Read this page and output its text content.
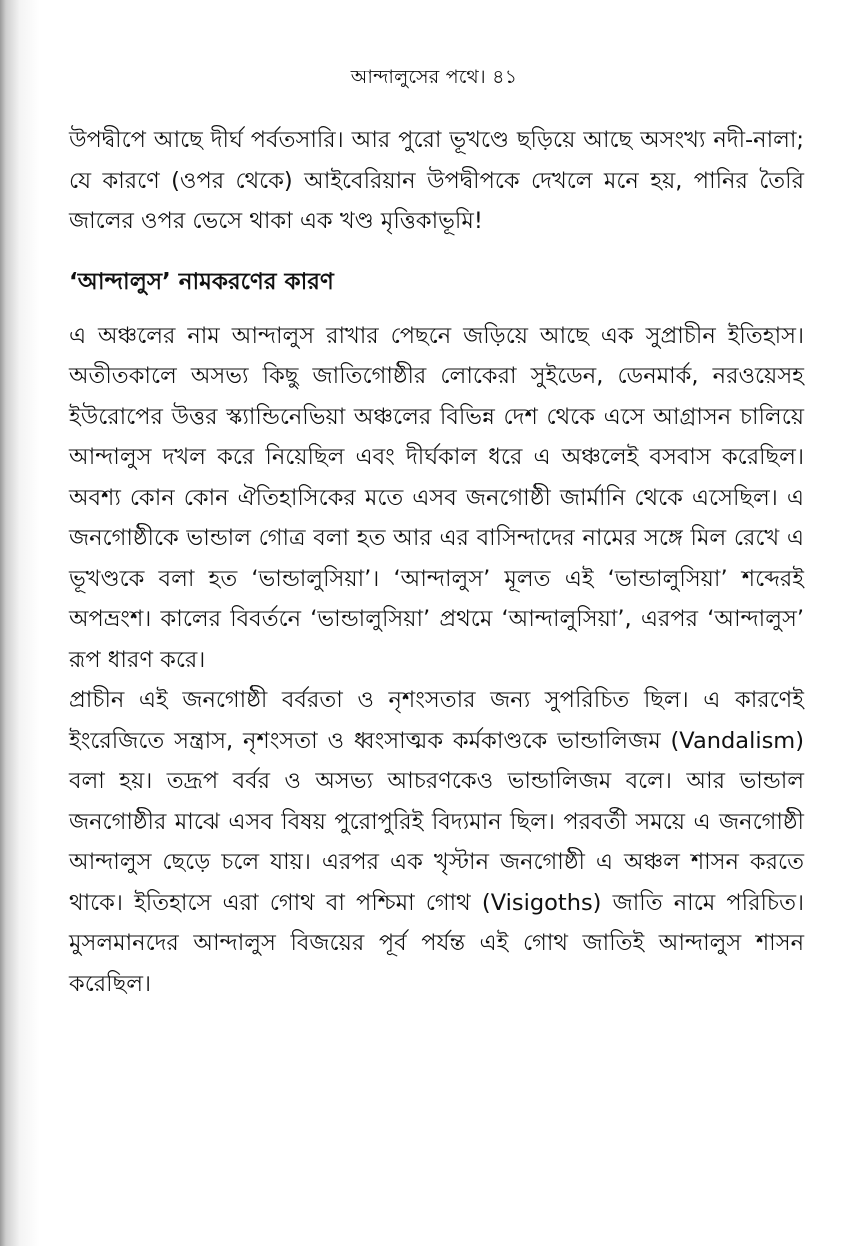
আন্দালুসের পথে। ৪১

উপদ্বীপে আছে দীর্ঘ পর্বতসারি। আর পুরো ভূখণ্ডে ছড়িয়ে আছে অসংখ্য নদী-নালা; যে কারণে (ওপর থেকে) আইবেরিয়ান উপদ্বীপকে দেখলে মনে হয়, পানির তৈরি জালের ওপর ভেসে থাকা এক খণ্ড মৃত্তিকাভূমি!

‘আন্দালুস’ নামকরণের কারণ

এ অঞ্চলের নাম আন্দালুস রাখার পেছনে জড়িয়ে আছে এক সুপ্রাচীন ইতিহাস। অতীতকালে অসভ্য কিছু জাতিগোষ্ঠীর লোকেরা সুইডেন, ডেনমার্ক, নরওয়েসহ ইউরোপের উত্তর স্ক্যান্ডিনেভিয়া অঞ্চলের বিভিন্ন দেশ থেকে এসে আগ্রাসন চালিয়ে আন্দালুস দখল করে নিয়েছিল এবং দীর্ঘকাল ধরে এ অঞ্চলেই বসবাস করেছিল। অবশ্য কোন কোন ঐতিহাসিকের মতে এসব জনগোষ্ঠী জার্মানি থেকে এসেছিল। এ জনগোষ্ঠীকে ভান্ডাল গোত্র বলা হত আর এর বাসিন্দাদের নামের সঙ্গে মিল রেখে এ ভূখণ্ডকে বলা হত ‘ভান্ডালুসিয়া’। ‘আন্দালুস’ মূলত এই ‘ভান্ডালুসিয়া’ শব্দেরই অপভ্রংশ। কালের বিবর্তনে ‘ভান্ডালুসিয়া’ প্রথমে ‘আন্দালুসিয়া’, এরপর ‘আন্দালুস’ রূপ ধারণ করে।

প্রাচীন এই জনগোষ্ঠী বর্বরতা ও নৃশংসতার জন্য সুপরিচিত ছিল। এ কারণেই ইংরেজিতে সন্ত্রাস, নৃশংসতা ও ধ্বংসাত্মক কর্মকাণ্ডকে ভান্ডালিজম (Vandalism) বলা হয়। তদ্রূপ বর্বর ও অসভ্য আচরণকেও ভান্ডালিজম বলে। আর ভান্ডাল জনগোষ্ঠীর মাঝে এসব বিষয় পুরোপুরিই বিদ্যমান ছিল। পরবর্তী সময়ে এ জনগোষ্ঠী আন্দালুস ছেড়ে চলে যায়। এরপর এক খৃস্টান জনগোষ্ঠী এ অঞ্চল শাসন করতে থাকে। ইতিহাসে এরা গোথ বা পশ্চিমা গোথ (Visigoths) জাতি নামে পরিচিত। মুসলমানদের আন্দালুস বিজয়ের পূর্ব পর্যন্ত এই গোথ জাতিই আন্দালুস শাসন করেছিল।
